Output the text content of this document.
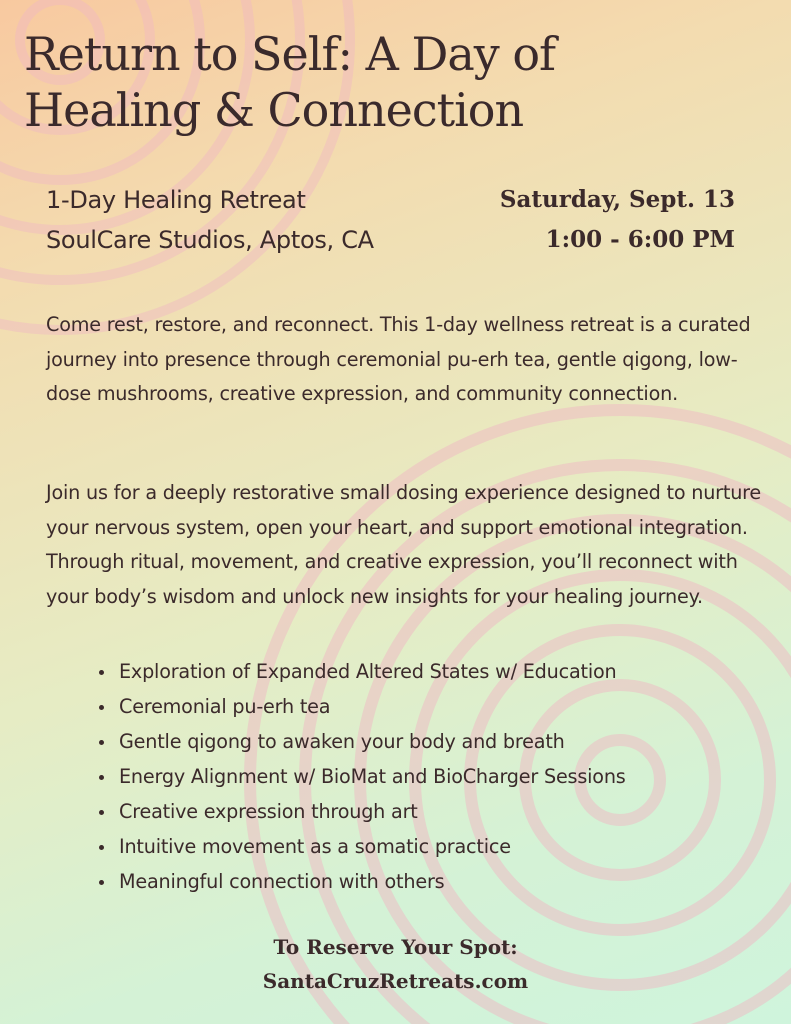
Return to Self: A Day of
Healing & Connection
1-Day Healing Retreat
SoulCare Studios, Aptos, CA
Saturday, Sept. 13
1:00 - 6:00 PM

Come rest, restore, and reconnect. This 1-day wellness retreat is a curated journey into presence through ceremonial pu-erh tea, gentle qigong, low-dose mushrooms, creative expression, and community connection.

Join us for a deeply restorative small dosing experience designed to nurture your nervous system, open your heart, and support emotional integration. Through ritual, movement, and creative expression, you’ll reconnect with your body’s wisdom and unlock new insights for your healing journey.

Exploration of Expanded Altered States w/ Education
Ceremonial pu-erh tea
Gentle qigong to awaken your body and breath
Energy Alignment w/ BioMat and BioCharger Sessions
Creative expression through art
Intuitive movement as a somatic practice
Meaningful connection with others
To Reserve Your Spot:
SantaCruzRetreats.com
